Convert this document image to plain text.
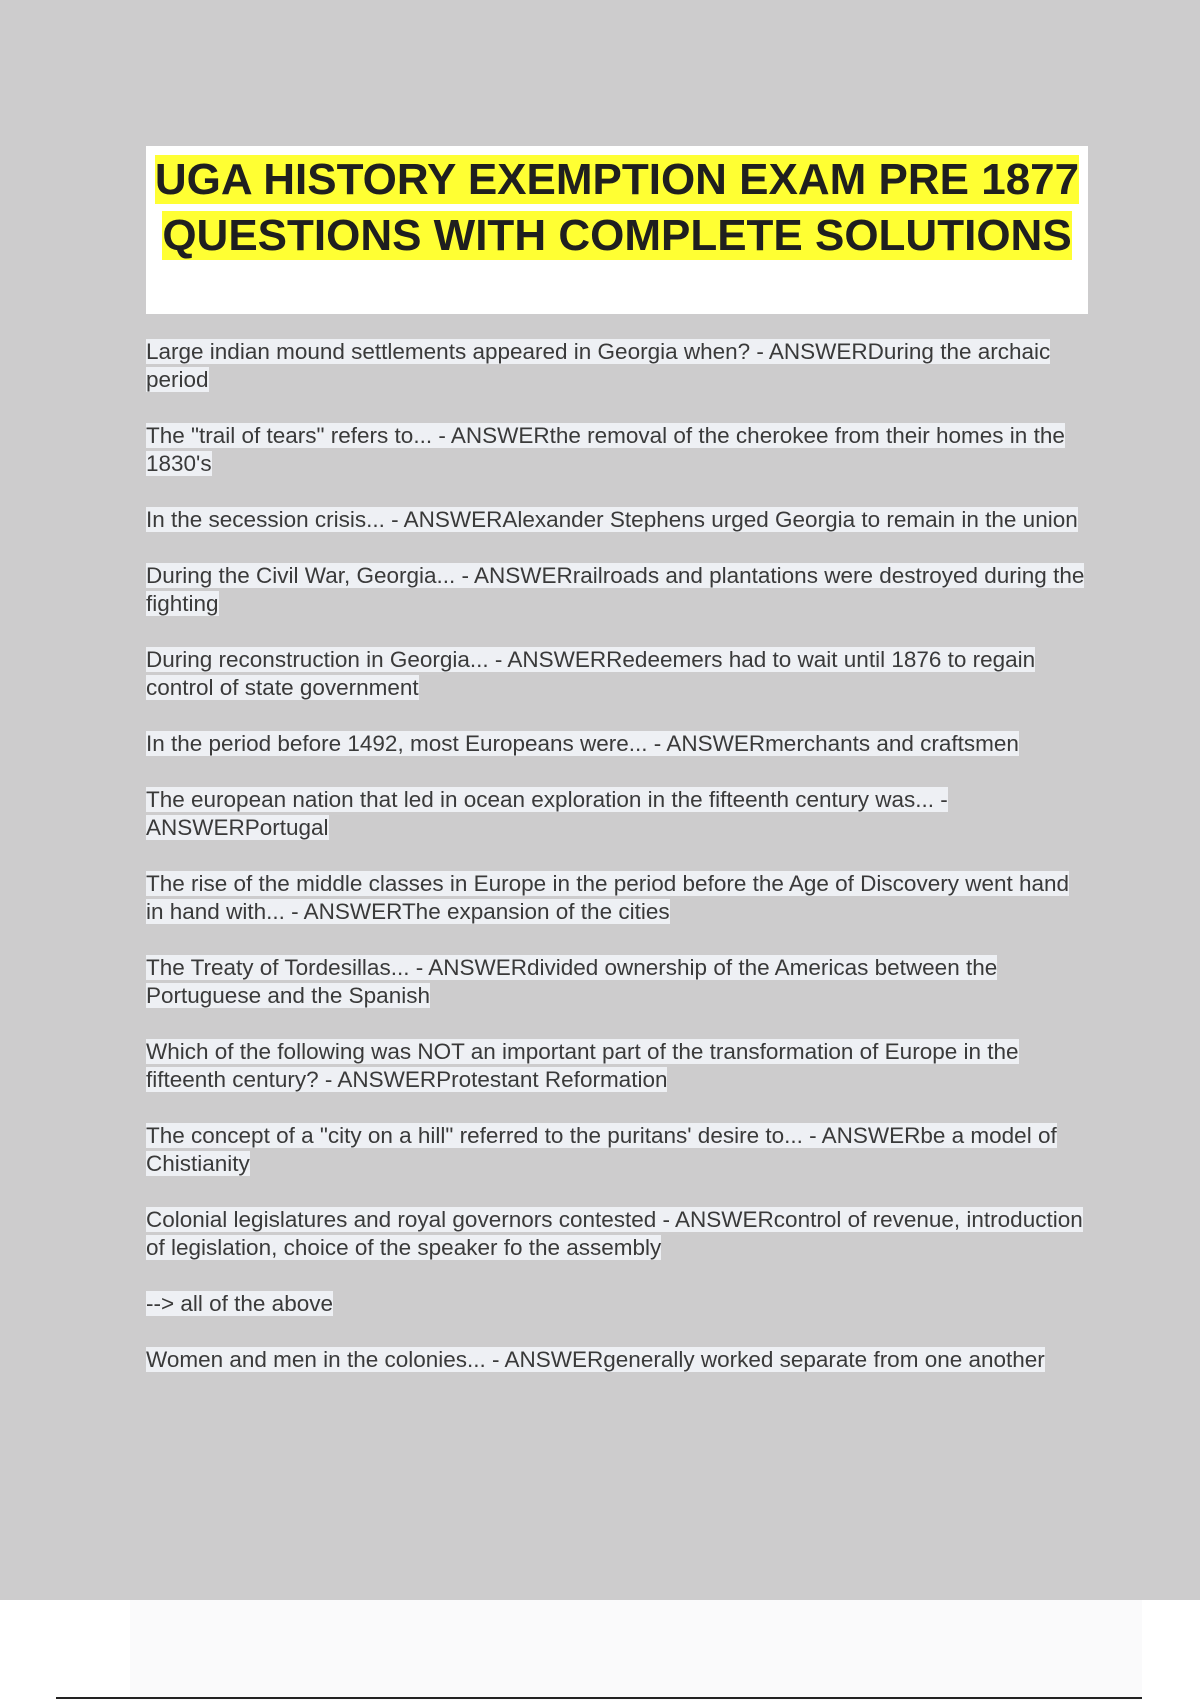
UGA HISTORY EXEMPTION EXAM PRE 1877 QUESTIONS WITH COMPLETE SOLUTIONS
Large indian mound settlements appeared in Georgia when? - ANSWERDuring the archaic period
The "trail of tears" refers to... - ANSWERthe removal of the cherokee from their homes in the 1830's
In the secession crisis... - ANSWERAlexander Stephens urged Georgia to remain in the union
During the Civil War, Georgia... - ANSWERrailroads and plantations were destroyed during the fighting
During reconstruction in Georgia... - ANSWERRedeemers had to wait until 1876 to regain control of state government
In the period before 1492, most Europeans were... - ANSWERmerchants and craftsmen
The european nation that led in ocean exploration in the fifteenth century was... - ANSWERPortugal
The rise of the middle classes in Europe in the period before the Age of Discovery went hand in hand with... - ANSWERThe expansion of the cities
The Treaty of Tordesillas... - ANSWERdivided ownership of the Americas between the Portuguese and the Spanish
Which of the following was NOT an important part of the transformation of Europe in the fifteenth century? - ANSWERProtestant Reformation
The concept of a "city on a hill" referred to the puritans' desire to... - ANSWERbe a model of Chistianity
Colonial legislatures and royal governors contested - ANSWERcontrol of revenue, introduction of legislation, choice of the speaker fo the assembly
--> all of the above
Women and men in the colonies... - ANSWERgenerally worked separate from one another
